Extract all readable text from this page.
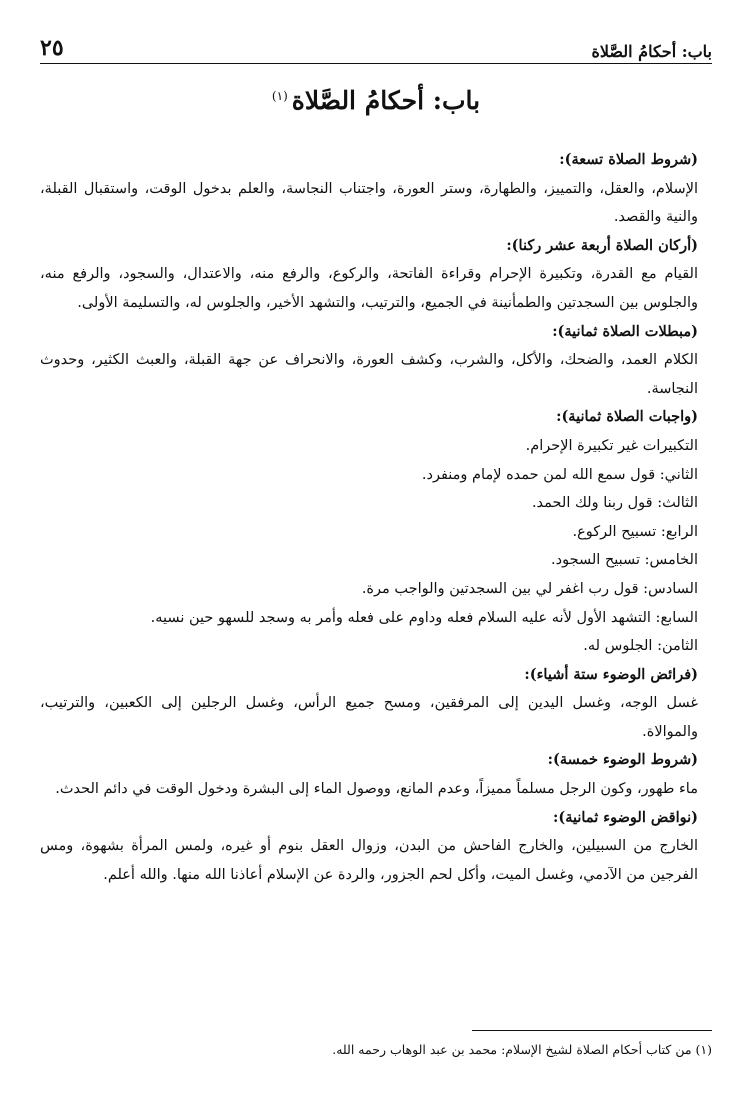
باب: أحكامُ الصَّلاة
٢٥
باب: أحكامُ الصَّلاة$^{(١)}$
(شروط الصلاة تسعة):
الإسلام، والعقل، والتمييز، والطهارة، وستر العورة، واجتناب النجاسة، والعلم بدخول الوقت، واستقبال القبلة، والنية والقصد.
(أركان الصلاة أربعة عشر ركنا):
القيام مع القدرة، وتكبيرة الإحرام وقراءة الفاتحة، والركوع، والرفع منه، والاعتدال، والسجود، والرفع منه، والجلوس بين السجدتين والطمأنينة في الجميع، والترتيب، والتشهد الأخير، والجلوس له، والتسليمة الأولى.
(مبطلات الصلاة ثمانية):
الكلام العمد، والضحك، والأكل، والشرب، وكشف العورة، والانحراف عن جهة القبلة، والعبث الكثير، وحدوث النجاسة.
(واجبات الصلاة ثمانية):
التكبيرات غير تكبيرة الإحرام.
الثاني: قول سمع الله لمن حمده لإمام ومنفرد.
الثالث: قول ربنا ولك الحمد.
الرابع: تسبيح الركوع.
الخامس: تسبيح السجود.
السادس: قول رب اغفر لي بين السجدتين والواجب مرة.
السابع: التشهد الأول لأنه عليه السلام فعله وداوم على فعله وأمر به وسجد للسهو حين نسيه.
الثامن: الجلوس له.
(فرائض الوضوء ستة أشياء):
غسل الوجه، وغسل اليدين إلى المرفقين، ومسح جميع الرأس، وغسل الرجلين إلى الكعبين، والترتيب، والموالاة.
(شروط الوضوء خمسة):
ماء طهور، وكون الرجل مسلماً مميزاً، وعدم المانع، ووصول الماء إلى البشرة ودخول الوقت في دائم الحدث.
(نواقض الوضوء ثمانية):
الخارج من السبيلين، والخارج الفاحش من البدن، وزوال العقل بنوم أو غيره، ولمس المرأة بشهوة، ومس الفرجين من الآدمي، وغسل الميت، وأكل لحم الجزور، والردة عن الإسلام أعاذنا الله منها. والله أعلم.
(١) من كتاب أحكام الصلاة لشيخ الإسلام: محمد بن عبد الوهاب رحمه الله.
